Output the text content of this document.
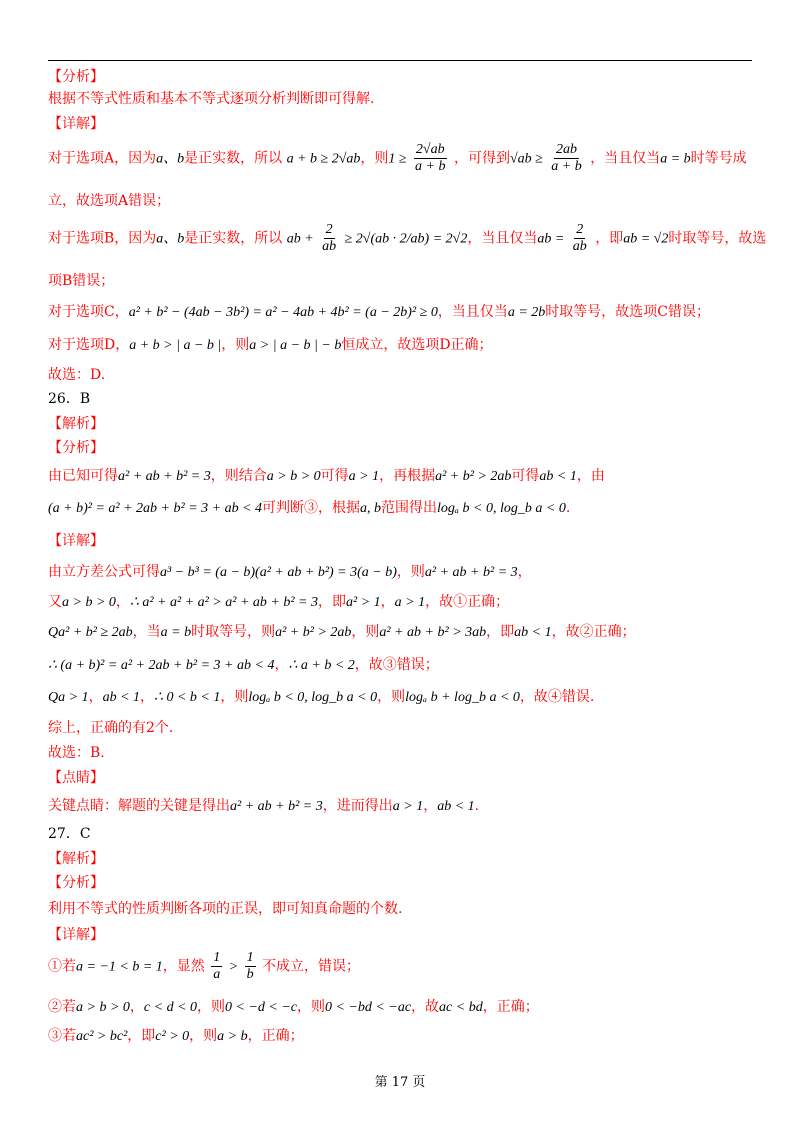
【分析】
根据不等式性质和基本不等式逐项分析判断即可得解.
【详解】
对于选项A，因为a、b是正实数，所以 a + b ≥ 2√ab，则$1 \ge \frac{2√ab}{a + b}$ ，可得到$√ab \ge \frac{2ab}{a + b}$ ，当且仅当a = b时等号成
立，故选项A错误；
对于选项B，因为a、b是正实数，所以 ab + $\frac{2}{ab} \ge 2√(ab \cdot 2/ab) = 2√2$，当且仅当ab = $\frac{2}{ab}$ ，即ab = √2时取等号，故选
项B错误；
对于选项C，a² + b² − (4ab − 3b²) = a² − 4ab + 4b² = (a − 2b)² ≥ 0，当且仅当a = 2b时取等号，故选项C错误；
对于选项D，a + b > | a − b |，则a > | a − b | − b恒成立，故选项D正确；
故选：D.
26．B
【解析】
【分析】
由已知可得a² + ab + b² = 3，则结合a > b > 0可得a > 1，再根据a² + b² > 2ab可得ab < 1，由
(a + b)² = a² + 2ab + b² = 3 + ab < 4可判断③，根据a, b范围得出logₐ b < 0, log_b a < 0.
【详解】
由立方差公式可得a³ − b³ = (a − b)(a² + ab + b²) = 3(a − b)，则a² + ab + b² = 3，
又a > b > 0，∴ a² + a² + a² > a² + ab + b² = 3，即a² > 1，a > 1，故①正确；
Qa² + b² ≥ 2ab，当a = b时取等号，则a² + b² > 2ab，则a² + ab + b² > 3ab，即ab < 1，故②正确；
∴ (a + b)² = a² + 2ab + b² = 3 + ab < 4，∴ a + b < 2，故③错误；
Qa > 1，ab < 1，∴ 0 < b < 1，则logₐ b < 0, log_b a < 0，则logₐ b + log_b a < 0，故④错误.
综上，正确的有2个.
故选：B.
【点睛】
关键点睛：解题的关键是得出a² + ab + b² = 3，进而得出a > 1，ab < 1.
27．C
【解析】
【分析】
利用不等式的性质判断各项的正误，即可知真命题的个数.
【详解】
①若a = −1 < b = 1，显然 $\frac{1}{a} > \frac{1}{b}$ 不成立，错误；
②若a > b > 0，c < d < 0，则0 < −d < −c，则0 < −bd < −ac，故ac < bd，正确；
③若ac² > bc²，即c² > 0，则a > b，正确；
第 17 页
